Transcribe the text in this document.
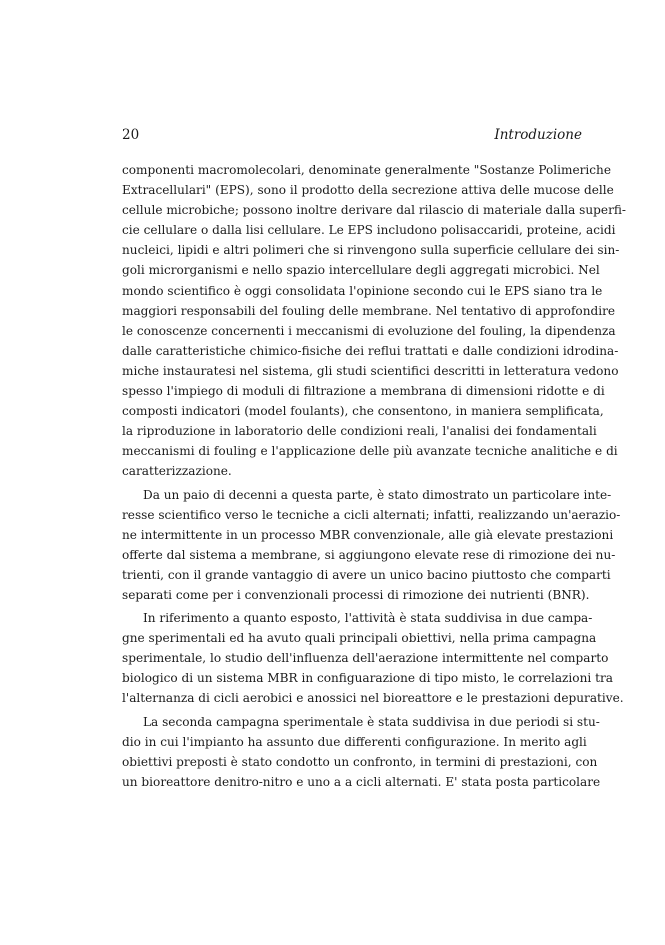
20	Introduzione
componenti macromolecolari, denominate generalmente "Sostanze Polimeriche
Extracellulari" (EPS), sono il prodotto della secrezione attiva delle mucose delle
cellule microbiche; possono inoltre derivare dal rilascio di materiale dalla superfi-
cie cellulare o dalla lisi cellulare. Le EPS includono polisaccaridi, proteine, acidi
nucleici, lipidi e altri polimeri che si rinvengono sulla superficie cellulare dei sin-
goli microrganismi e nello spazio intercellulare degli aggregati microbici. Nel
mondo scientifico è oggi consolidata l'opinione secondo cui le EPS siano tra le
maggiori responsabili del fouling delle membrane. Nel tentativo di approfondire
le conoscenze concernenti i meccanismi di evoluzione del fouling, la dipendenza
dalle caratteristiche chimico-fisiche dei reflui trattati e dalle condizioni idrodina-
miche instauratesi nel sistema, gli studi scientifici descritti in letteratura vedono
spesso l'impiego di moduli di filtrazione a membrana di dimensioni ridotte e di
composti indicatori (model foulants), che consentono, in maniera semplificata,
la riproduzione in laboratorio delle condizioni reali, l'analisi dei fondamentali
meccanismi di fouling e l'applicazione delle più avanzate tecniche analitiche e di
caratterizzazione.
Da un paio di decenni a questa parte, è stato dimostrato un particolare inte-
resse scientifico verso le tecniche a cicli alternati; infatti, realizzando un'aerazio-
ne intermittente in un processo MBR convenzionale, alle già elevate prestazioni
offerte dal sistema a membrane, si aggiungono elevate rese di rimozione dei nu-
trienti, con il grande vantaggio di avere un unico bacino piuttosto che comparti
separati come per i convenzionali processi di rimozione dei nutrienti (BNR).
In riferimento a quanto esposto, l'attività è stata suddivisa in due campa-
gne sperimentali ed ha avuto quali principali obiettivi, nella prima campagna
sperimentale, lo studio dell'influenza dell'aerazione intermittente nel comparto
biologico di un sistema MBR in configuarazione di tipo misto, le correlazioni tra
l'alternanza di cicli aerobici e anossici nel bioreattore e le prestazioni depurative.
La seconda campagna sperimentale è stata suddivisa in due periodi si stu-
dio in cui l'impianto ha assunto due differenti configurazione. In merito agli
obiettivi preposti è stato condotto un confronto, in termini di prestazioni, con
un bioreattore denitro-nitro e uno a a cicli alternati. E' stata posta particolare
